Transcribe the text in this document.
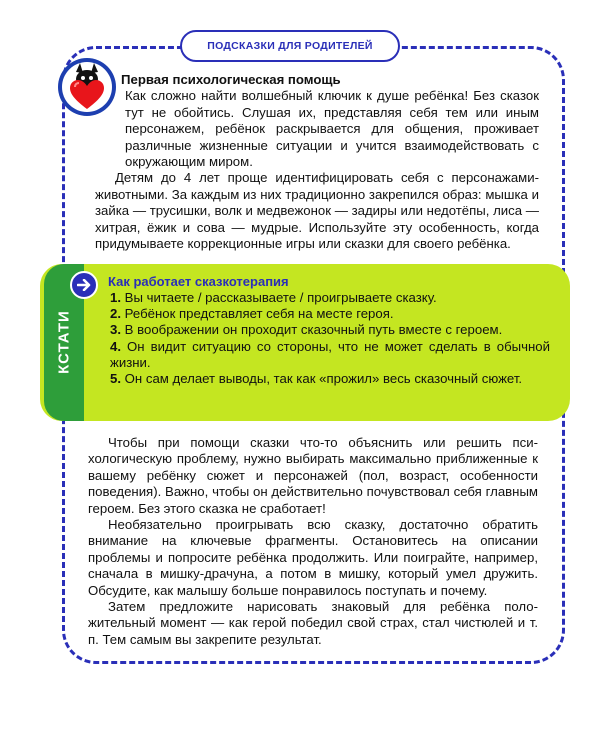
ПОДСКАЗКИ ДЛЯ РОДИТЕЛЕЙ
Первая психологическая помощь

Как сложно найти волшебный ключик к душе ребёнка! Без сказок тут не обойтись. Слушая их, представляя себя тем или иным персонажем, ребёнок раскрывается для общения, проживает различные жизненные ситуации и учится взаимодействовать с окружающим миром.

Детям до 4 лет проще идентифицировать себя с персонажами-животными. За каждым из них традиционно закрепился образ: мышка и зайка — трусишки, волк и медвежонок — задиры или недотёпы, лиса — хитрая, ёжик и сова — мудрые. Используйте эту особенность, когда придумываете коррекционные игры или сказки для своего ребёнка.

КСТАТИ
Как работает сказкотерапия
1. Вы читаете / рассказываете / проигрываете сказку.
2. Ребёнок представляет себя на месте героя.
3. В воображении он проходит сказочный путь вместе с героем.
4. Он видит ситуацию со стороны, что не может сделать в обычной жизни.
5. Он сам делает выводы, так как «прожил» весь сказочный сюжет.

Чтобы при помощи сказки что-то объяснить или решить психологическую проблему, нужно выбирать максимально приближенные к вашему ребёнку сюжет и персонажей (пол, возраст, особенности поведения). Важно, чтобы он действительно почувствовал себя главным героем. Без этого сказка не сработает!

Необязательно проигрывать всю сказку, достаточно обратить внимание на ключевые фрагменты. Остановитесь на описании проблемы и попросите ребёнка продолжить. Или поиграйте, например, сначала в мишку-драчуна, а потом в мишку, который умел дружить. Обсудите, как малышу больше понравилось поступать и почему.

Затем предложите нарисовать знаковый для ребёнка положительный момент — как герой победил свой страх, стал чистюлей и т. п. Тем самым вы закрепите результат.
